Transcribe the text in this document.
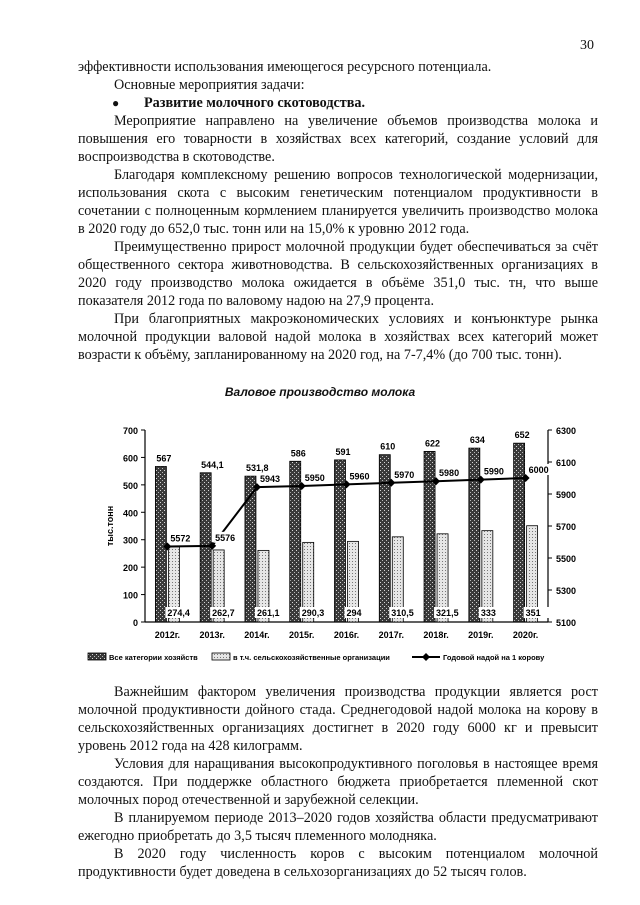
30

эффективности использования имеющегося ресурсного потенциала.

Основные мероприятия задачи:

●	Развитие молочного скотоводства.

Мероприятие направлено на увеличение объемов производства молока и повышения его товарности в хозяйствах всех категорий, создание условий для воспроизводства в скотоводстве.

Благодаря комплексному решению вопросов технологической модернизации, использования скота с высоким генетическим потенциалом продуктивности в сочетании с полноценным кормлением планируется увеличить производство молока в 2020 году до 652,0 тыс. тонн или на 15,0% к уровню 2012 года.

Преимущественно прирост молочной продукции будет обеспечиваться за счёт общественного сектора животноводства. В сельскохозяйственных организациях в 2020 году производство молока ожидается в объёме 351,0 тыс. тн, что выше показателя 2012 года по валовому надою на 27,9 процента.

При благоприятных макроэкономических условиях и конъюнктуре рынка молочной продукции валовой надой молока в хозяйствах всех категорий может возрасти к объёму, запланированному на 2020 год, на 7-7,4% (до 700 тыс. тонн).

Валовое производство молока
0
100
200
300
400
500
600
700
5100
5300
5500
5700
5900
6100
6300
тыс.тонн
567
274,4
2012г.
544,1
262,7
2013г.
531,8
261,1
2014г.
586
290,3
2015г.
591
294
2016г.
610
310,5
2017г.
622
321,5
2018г.
634
333
2019г.
652
351
2020г.
5572	5576
5943	5950	5960	5970	5980	5990	6000
Все категории хозяйств	в т.ч. сельскохозяйственные организации	Годовой надой на 1 корову

Важнейшим фактором увеличения производства продукции является рост молочной продуктивности дойного стада. Среднегодовой надой молока на корову в сельскохозяйственных организациях достигнет в 2020 году 6000 кг и превысит уровень 2012 года на 428 килограмм.

Условия для наращивания высокопродуктивного поголовья в настоящее время создаются. При поддержке областного бюджета приобретается племенной скот молочных пород отечественной и зарубежной селекции.

В планируемом периоде 2013–2020 годов хозяйства области предусматривают ежегодно приобретать до 3,5 тысяч племенного молодняка.

В 2020 году численность коров с высоким потенциалом молочной продуктивности будет доведена в сельхозорганизациях до 52 тысяч голов.
